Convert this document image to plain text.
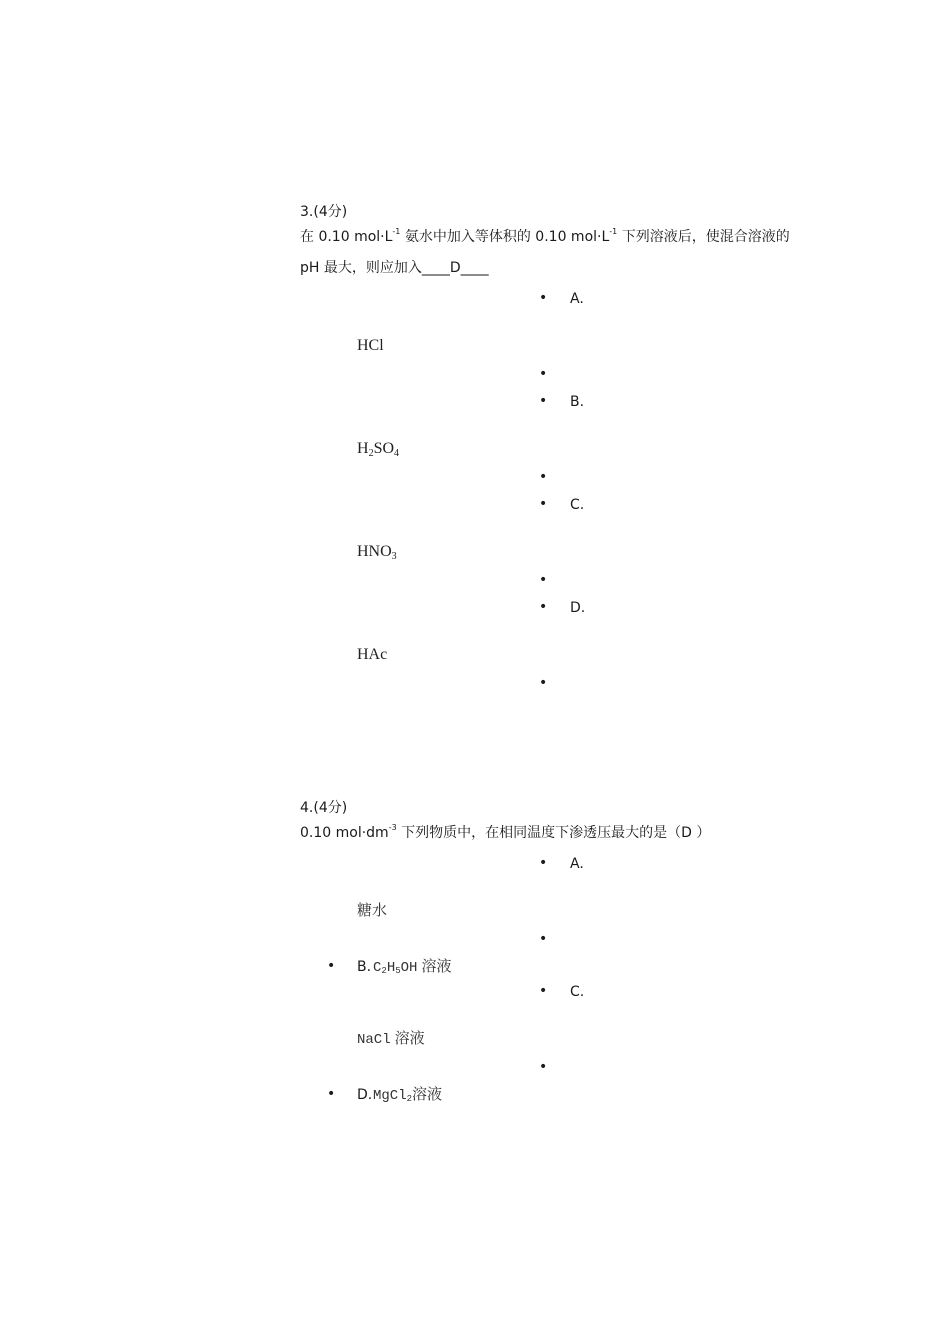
3.(4分)
在 0.10 $mol\cdot L^{-1}$ 氨水中加入等体积的 0.10 $mol\cdot L^{-1}$ 下列溶液后，使混合溶液的
pH 最大，则应加入____D____
• A.
HCl
•
• B.
$H_2SO_4$
•
• C.
$HNO_3$
•
• D.
HAc
•
4.(4分)
0.10 $mol\cdot dm^{-3}$ 下列物质中，在相同温度下渗透压最大的是（D ）
• A.
糖水
•
• B. $C_2H_5OH$ 溶液
• C.
NaCl 溶液
•
• D. MgCl$_2$溶液
